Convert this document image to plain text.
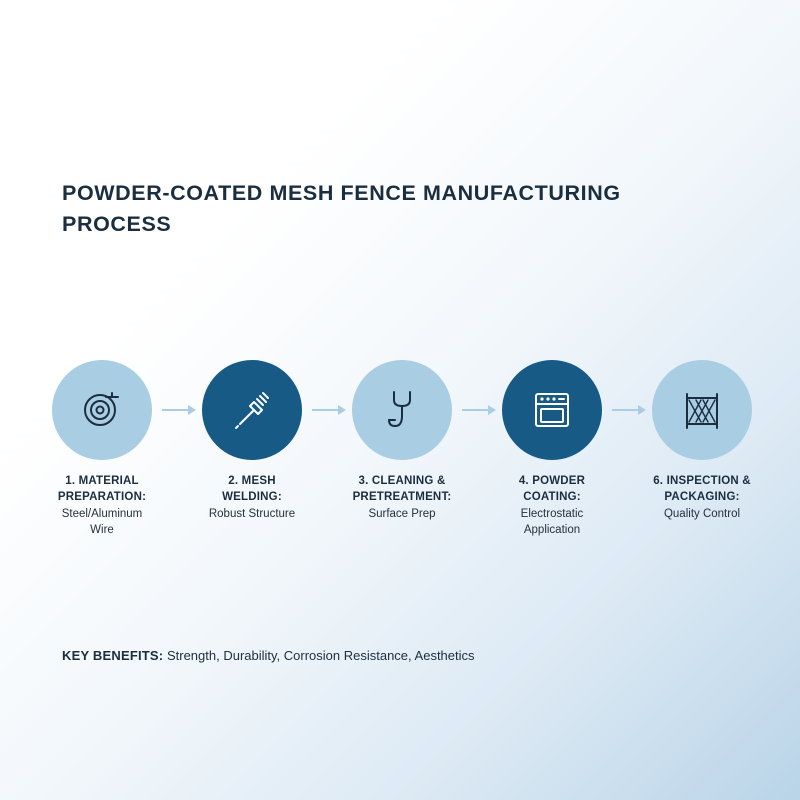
POWDER-COATED MESH FENCE MANUFACTURING PROCESS
1. MATERIAL PREPARATION:
Steel/Aluminum Wire
2. MESH WELDING:
Robust Structure
3. CLEANING & PRETREATMENT:
Surface Prep
4. POWDER COATING:
Electrostatic Application
6. INSPECTION & PACKAGING:
Quality Control
KEY BENEFITS: Strength, Durability, Corrosion Resistance, Aesthetics
